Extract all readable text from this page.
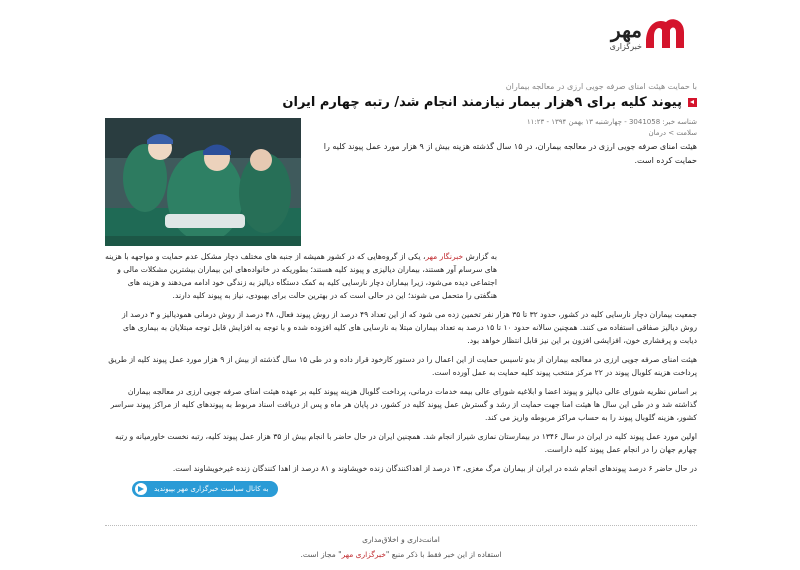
مهر
خبرگزاری
با حمایت هیئت امنای صرفه جویی ارزی در معالجه بیماران
پیوند کلیه برای ۹هزار بیمار نیازمند انجام شد/ رتبه چهارم ایران
شناسه خبر: 3041058 - چهارشنبه ۱۳ بهمن ۱۳۹۴ - ۱۱:۲۳
سلامت > درمان
هیئت امنای صرفه جویی ارزی در معالجه بیماران، در ۱۵ سال گذشته هزینه بیش از ۹ هزار مورد عمل پیوند کلیه را حمایت کرده است.

به گزارش خبرنگار مهر، یکی از گروه‌هایی که در کشور همیشه از جنبه های مختلف دچار مشکل عدم حمایت و مواجهه با هزینه های سرسام آور هستند، بیماران دیالیزی و پیوند کلیه هستند؛ بطوریکه در خانواده‌های این بیماران بیشترین مشکلات مالی و اجتماعی دیده می‌شود، زیرا بیماران دچار نارسایی کلیه به کمک دستگاه دیالیز به زندگی خود ادامه می‌دهند و هزینه های هنگفتی را متحمل می شوند؛ این در حالی است که در بهترین حالت برای بهبودی، نیاز به پیوند کلیه دارند.

جمعیت بیماران دچار نارسایی کلیه در کشور، حدود ۳۲ تا ۳۵ هزار نفر تخمین زده می شود که از این تعداد ۴۹ درصد از روش پیوند فعال، ۴۸ درصد از روش درمانی همودیالیز و ۳ درصد از روش دیالیز صفاقی استفاده می کنند. همچنین سالانه حدود ۱۰ تا ۱۵ درصد به تعداد بیماران مبتلا به نارسایی های کلیه افزوده شده و با توجه به افزایش قابل توجه مبتلایان به بیماری های دیابت و پرفشاری خون، افزایشی افزون بر این نیز قابل انتظار خواهد بود.

هیئت امنای صرفه جویی ارزی در معالجه بیماران از بدو تاسیس حمایت از این اعمال را در دستور کارخود قرار داده و در طی ۱۵ سال گذشته از بیش از ۹ هزار مورد عمل پیوند کلیه از طریق پرداخت هزینه کلوبال پیوند در ۲۲ مرکز منتخب پیوند کلیه حمایت به عمل آورده است.

بر اساس نظریه شورای عالی دیالیز و پیوند اعضا و ابلاغیه شورای عالی بیمه خدمات درمانی، پرداخت گلوبال هزینه پیوند کلیه بر عهده هیئت امنای صرفه جویی ارزی در معالجه بیماران گذاشته شد و در طی این سال ها هیئت امنا جهت حمایت از رشد و گسترش عمل پیوند کلیه در کشور، در پایان هر ماه و پس از دریافت اسناد مربوط به پیوندهای کلیه از مراکز پیوند سراسر کشور، هزینه گلوبال پیوند را به حساب مراکز مربوطه واریز می کند.

اولین مورد عمل پیوند کلیه در ایران در سال ۱۳۴۶ در بیمارستان نمازی شیراز انجام شد. همچنین ایران در حال حاضر با انجام بیش از ۳۵ هزار عمل پیوند کلیه، رتبه نخست خاورمیانه و رتبه چهارم جهان را در انجام عمل پیوند کلیه داراست.

در حال حاضر ۶ درصد پیوندهای انجام شده در ایران از بیماران مرگ مغزی، ۱۳ درصد از اهداکنندگان زنده خویشاوند و ۸۱ درصد از اهدا کنندگان زنده غیرخویشاوند است.

به کانال سیاست خبرگزاری مهر بپیوندید
امانت‌داری و اخلاق‌مداری
استفاده از این خبر فقط با ذکر منبع "خبرگزاری مهر" مجاز است.
